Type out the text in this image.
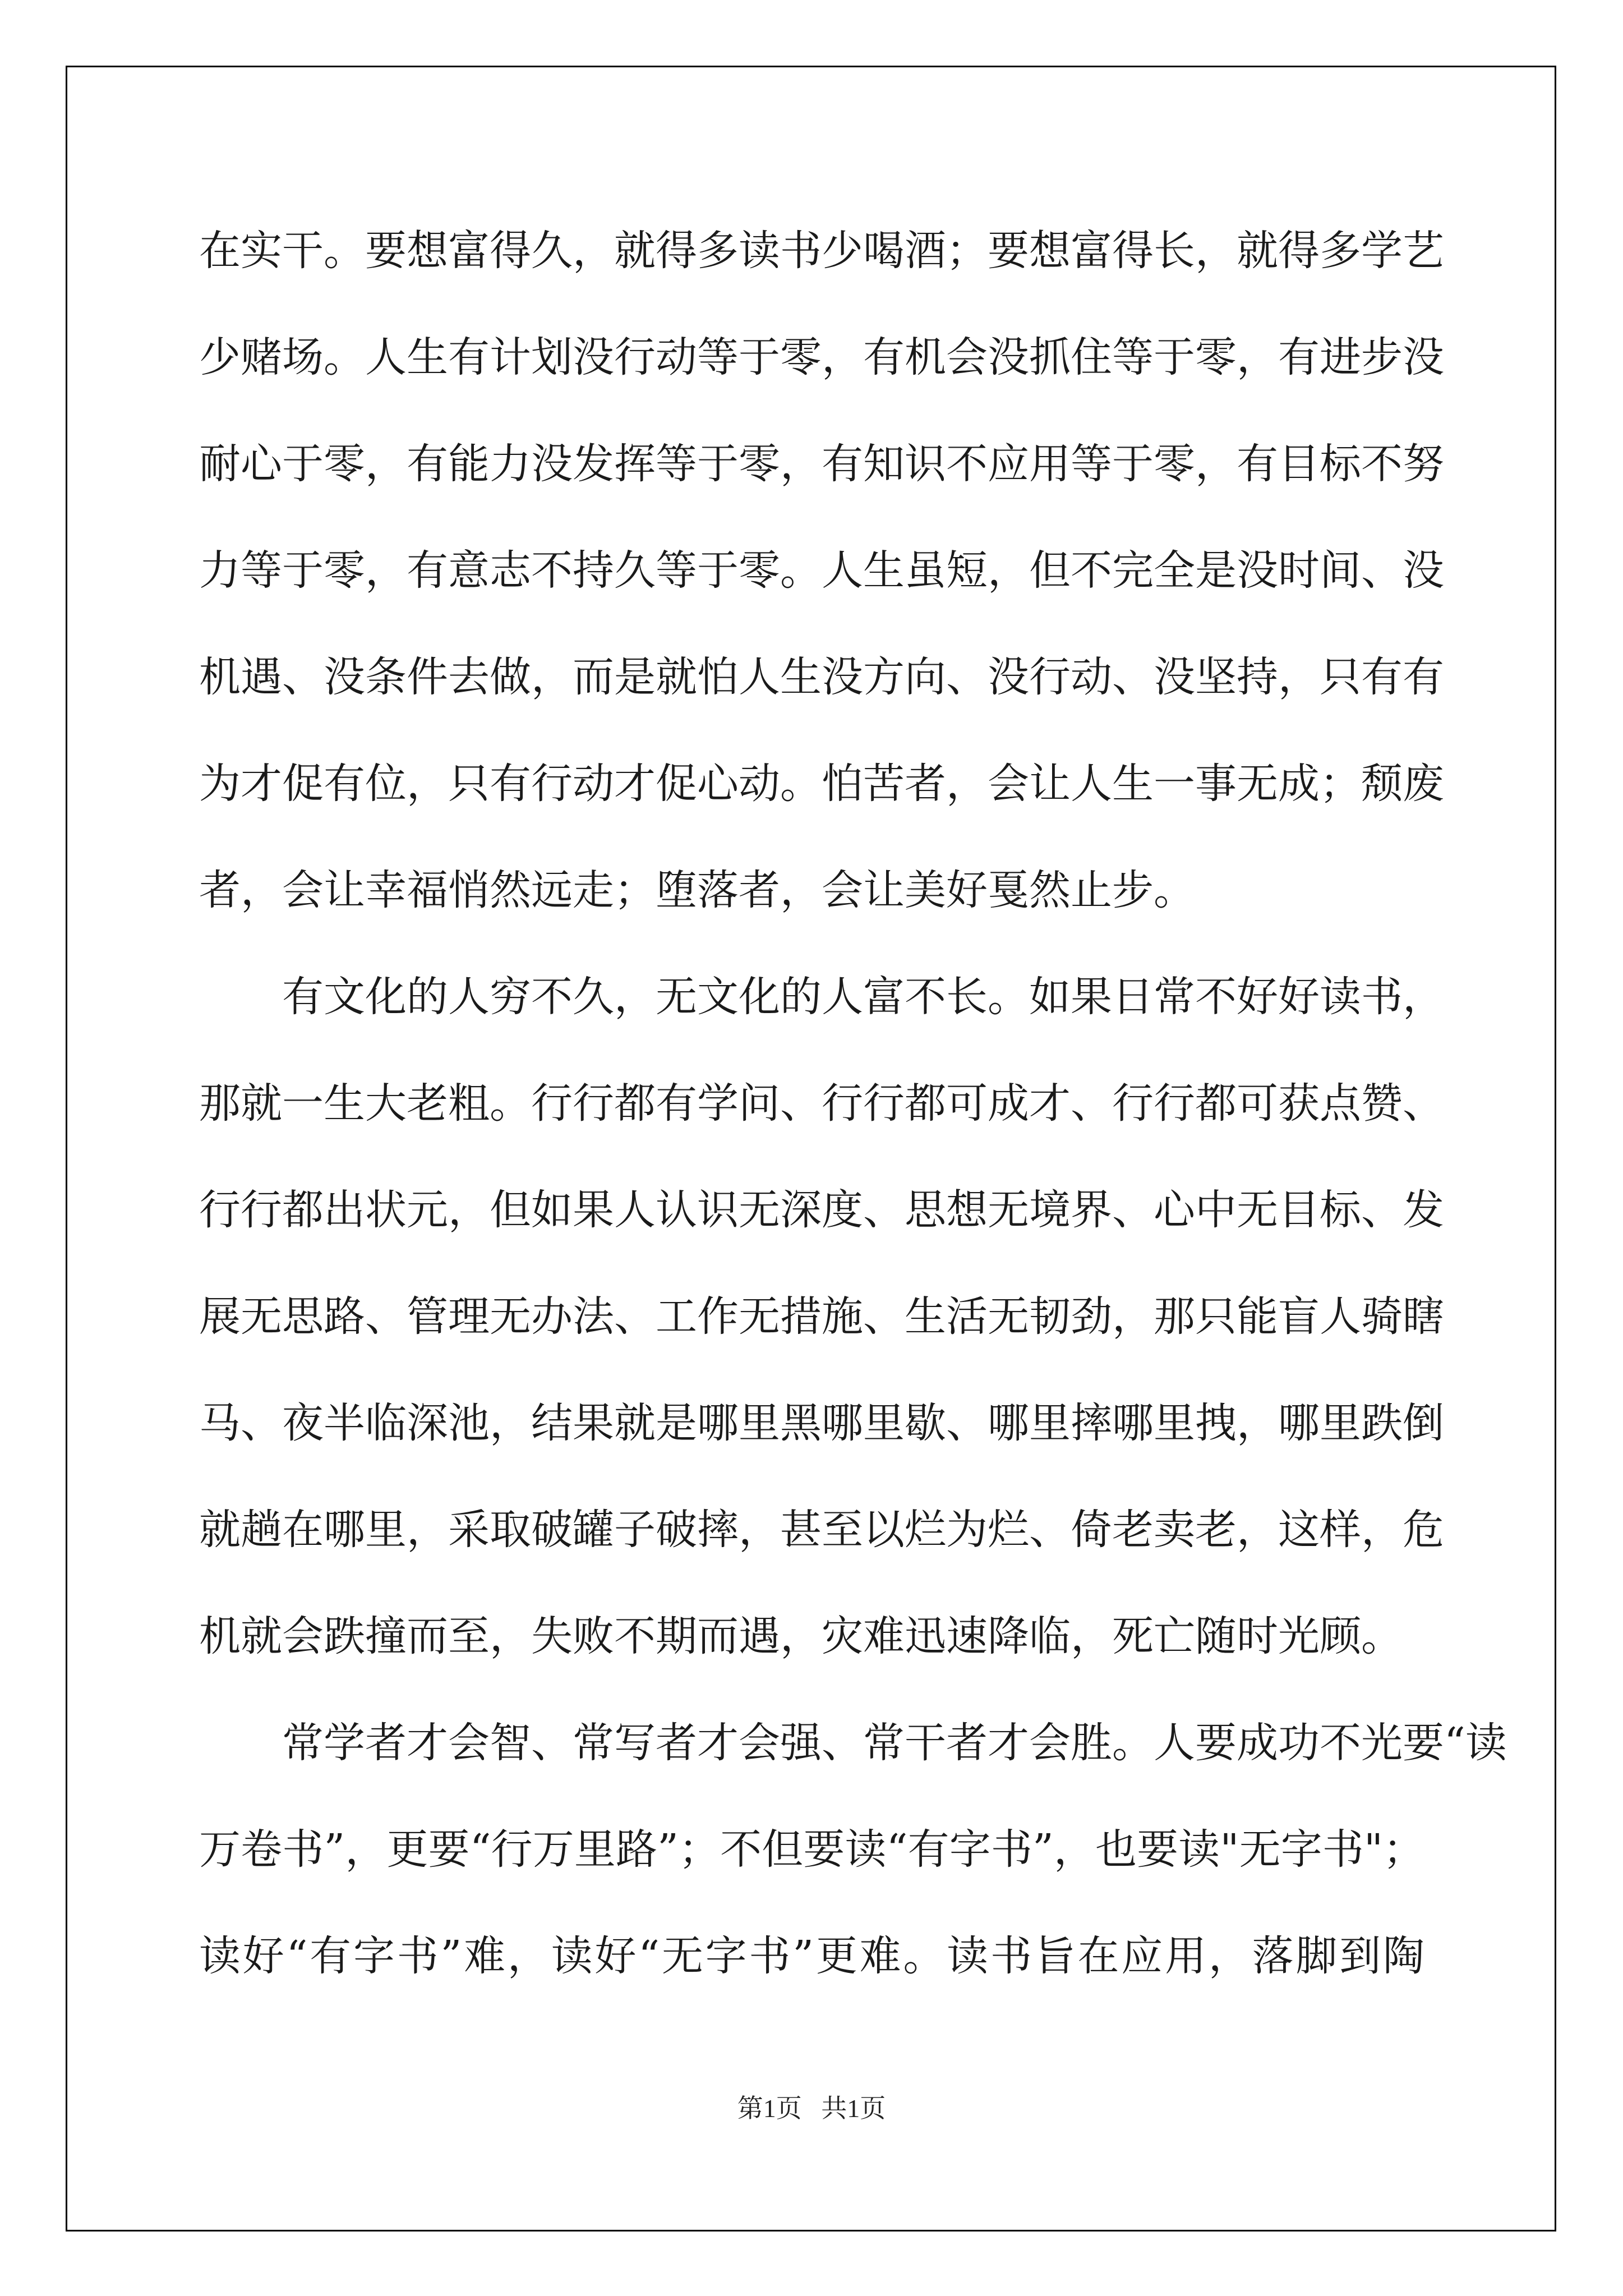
在实干。要想富得久，就得多读书少喝酒；要想富得长，就得多学艺
少赌场。人生有计划没行动等于零，有机会没抓住等于零，有进步没
耐心于零，有能力没发挥等于零，有知识不应用等于零，有目标不努
力等于零，有意志不持久等于零。人生虽短，但不完全是没时间、没
机遇、没条件去做，而是就怕人生没方向、没行动、没坚持，只有有
为才促有位，只有行动才促心动。怕苦者，会让人生一事无成；颓废
者，会让幸福悄然远走；堕落者，会让美好戛然止步。
有文化的人穷不久，无文化的人富不长。如果日常不好好读书，
那就一生大老粗。行行都有学问、行行都可成才、行行都可获点赞、
行行都出状元，但如果人认识无深度、思想无境界、心中无目标、发
展无思路、管理无办法、工作无措施、生活无韧劲，那只能盲人骑瞎
马、夜半临深池，结果就是哪里黑哪里歇、哪里摔哪里拽，哪里跌倒
就趟在哪里，采取破罐子破摔，甚至以烂为烂、倚老卖老，这样，危
机就会跌撞而至，失败不期而遇，灾难迅速降临，死亡随时光顾。
常学者才会智、常写者才会强、常干者才会胜。人要成功不光要“读
万卷书”，更要“行万里路”；不但要读“有字书”，也要读"无字书"；
读好“有字书”难，读好“无字书”更难。读书旨在应用，落脚到陶
第1页   共1页
